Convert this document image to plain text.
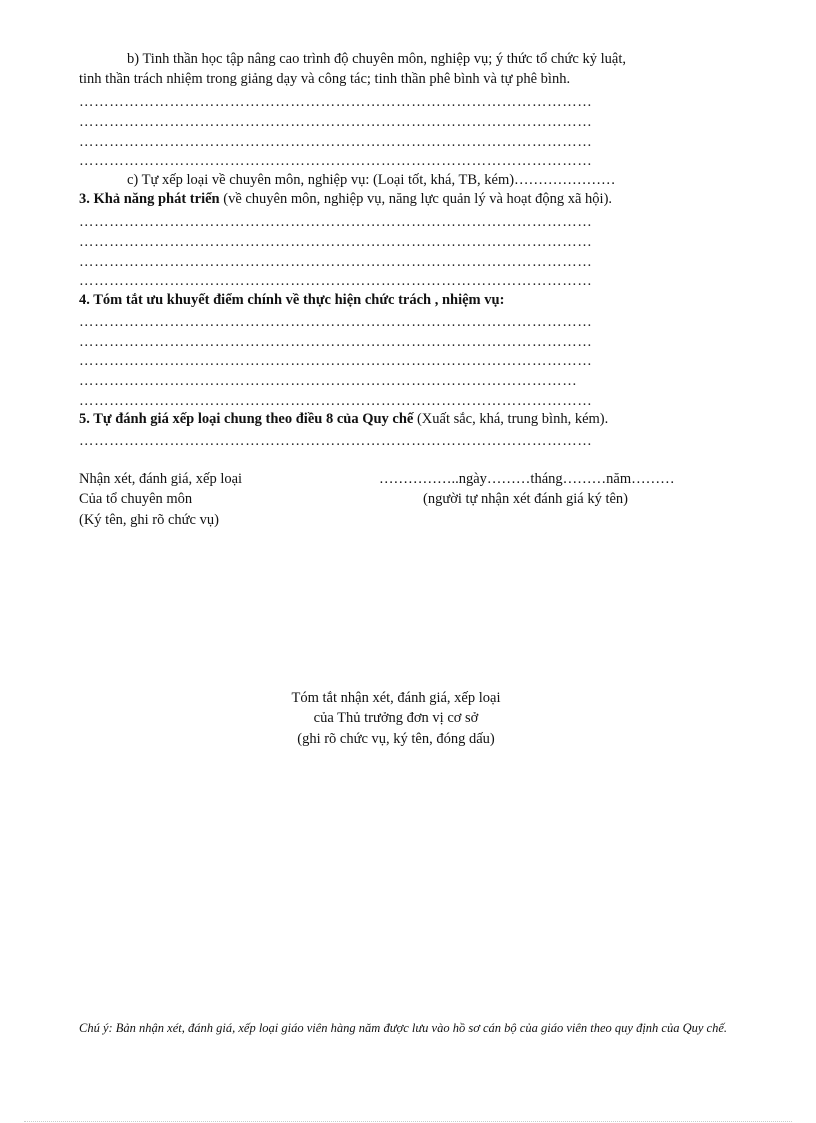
b) Tinh thần học tập nâng cao trình độ chuyên môn, nghiệp vụ; ý thức tổ chức kỷ luật,
tinh thần trách nhiệm trong giảng dạy và công tác; tinh thần phê bình và tự phê bình.
…………………………………………………………………………………………
…………………………………………………………………………………………
…………………………………………………………………………………………
…………………………………………………………………………………………
c) Tự xếp loại về chuyên môn, nghiệp vụ: (Loại tốt, khá, TB, kém)…………………
3. Khả năng phát triển (về chuyên môn, nghiệp vụ, năng lực quản lý và hoạt động xã hội).
…………………………………………………………………………………………
…………………………………………………………………………………………
…………………………………………………………………………………………
…………………………………………………………………………………………
4. Tóm tắt ưu khuyết điểm chính về thực hiện chức trách , nhiệm vụ:
…………………………………………………………………………………………
…………………………………………………………………………………………
…………………………………………………………………………………………
………………………………………………………………………………………
…………………………………………………………………………………………
5. Tự đánh giá xếp loại chung theo điều 8 của Quy chế (Xuất sắc, khá, trung bình, kém).
…………………………………………………………………………………………
Nhận xét, đánh giá, xếp loại
Của tổ chuyên môn
(Ký tên, ghi rõ chức vụ)
……………..ngày………tháng………năm………
(người tự nhận xét đánh giá ký tên)
Tóm tắt nhận xét, đánh giá, xếp loại
của Thủ trưởng đơn vị cơ sở
(ghi rõ chức vụ, ký tên, đóng dấu)
Chú ý: Bản nhận xét, đánh giá, xếp loại giáo viên hàng năm được lưu vào hồ sơ cán bộ của giáo viên theo quy định của Quy chế.
